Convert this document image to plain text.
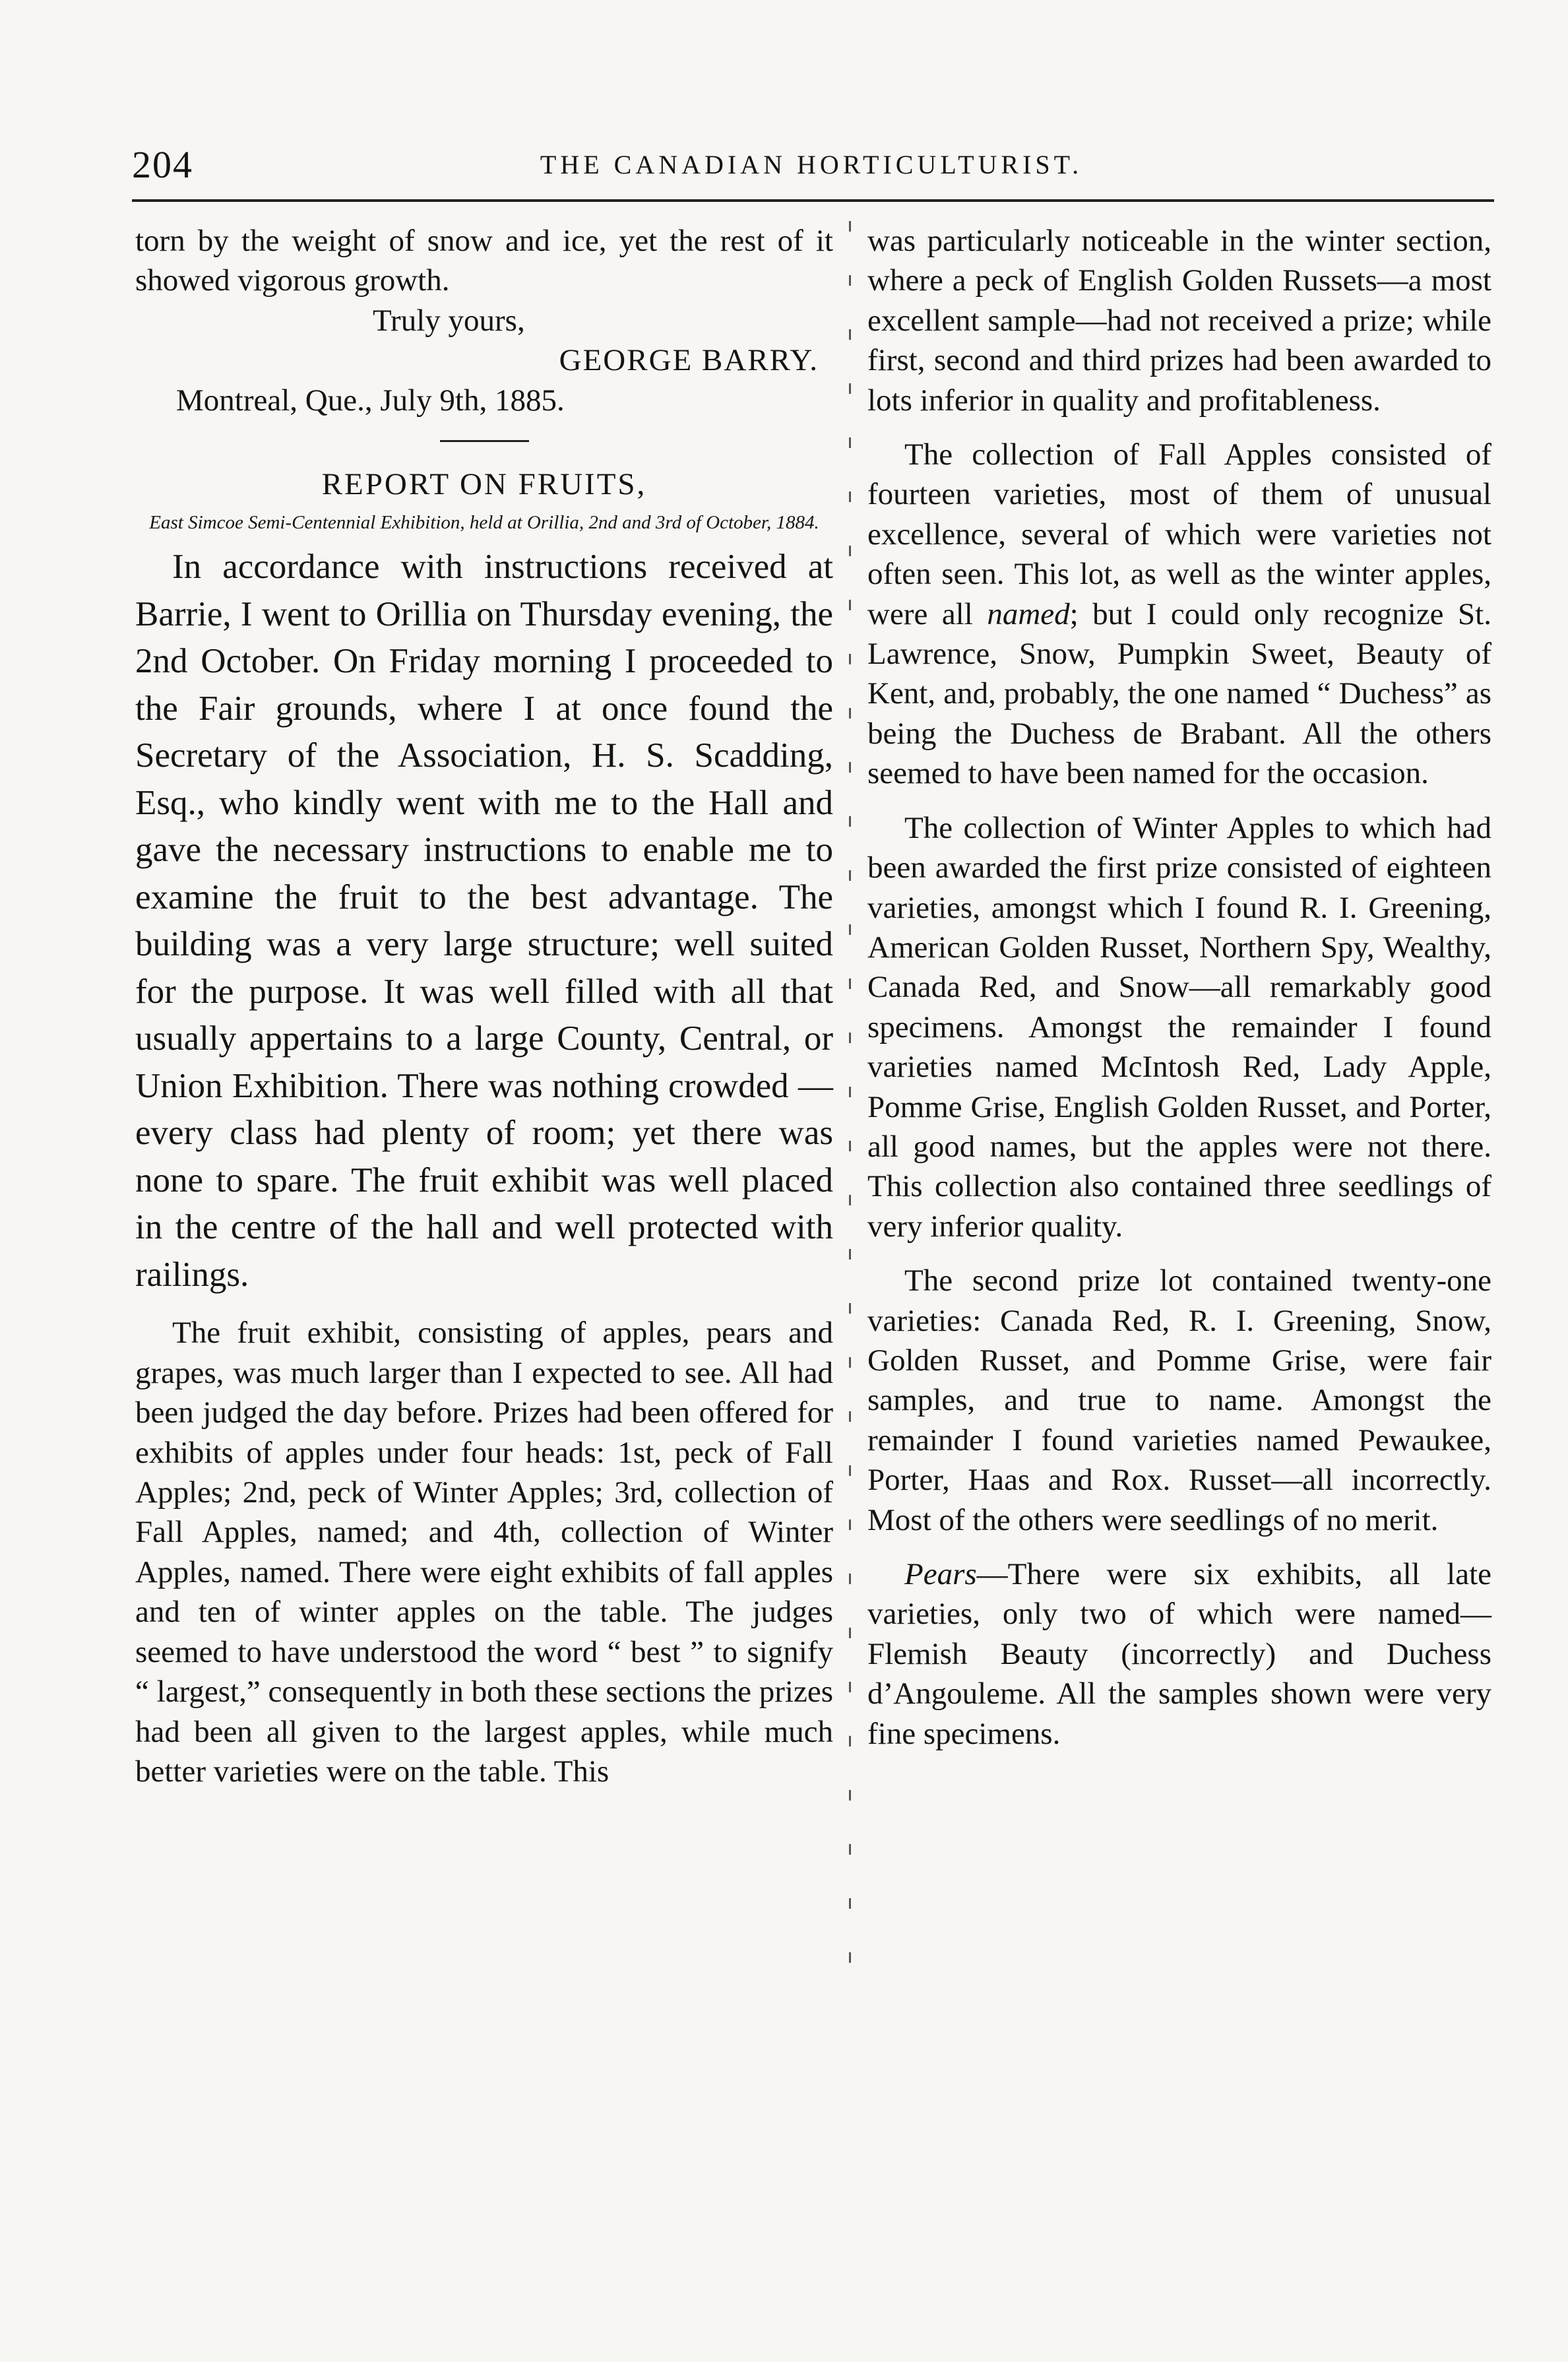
204	THE CANADIAN HORTICULTURIST.

torn by the weight of snow and ice, yet the rest of it showed vigorous growth.

Truly yours,

GEORGE BARRY.

Montreal, Que., July 9th, 1885.

REPORT ON FRUITS,

East Simcoe Semi-Centennial Exhibition, held at Orillia, 2nd and 3rd of October, 1884.

In accordance with instructions received at Barrie, I went to Orillia on Thursday evening, the 2nd October. On Friday morning I proceeded to the Fair grounds, where I at once found the Secretary of the Association, H. S. Scadding, Esq., who kindly went with me to the Hall and gave the necessary instructions to enable me to examine the fruit to the best advantage. The building was a very large structure; well suited for the purpose. It was well filled with all that usually appertains to a large County, Central, or Union Exhibition. There was nothing crowded — every class had plenty of room; yet there was none to spare. The fruit exhibit was well placed in the centre of the hall and well protected with railings.

The fruit exhibit, consisting of apples, pears and grapes, was much larger than I expected to see. All had been judged the day before. Prizes had been offered for exhibits of apples under four heads: 1st, peck of Fall Apples; 2nd, peck of Winter Apples; 3rd, collection of Fall Apples, named; and 4th, collection of Winter Apples, named. There were eight exhibits of fall apples and ten of winter apples on the table. The judges seemed to have understood the word “ best ” to signify “ largest,” consequently in both these sections the prizes had been all given to the largest apples, while much better varieties were on the table. This

was particularly noticeable in the winter section, where a peck of English Golden Russets—a most excellent sample—had not received a prize; while first, second and third prizes had been awarded to lots inferior in quality and profitableness.

The collection of Fall Apples consisted of fourteen varieties, most of them of unusual excellence, several of which were varieties not often seen. This lot, as well as the winter apples, were all named; but I could only recognize St. Lawrence, Snow, Pumpkin Sweet, Beauty of Kent, and, probably, the one named “ Duchess” as being the Duchess de Brabant. All the others seemed to have been named for the occasion.

The collection of Winter Apples to which had been awarded the first prize consisted of eighteen varieties, amongst which I found R. I. Greening, American Golden Russet, Northern Spy, Wealthy, Canada Red, and Snow—all remarkably good specimens. Amongst the remainder I found varieties named McIntosh Red, Lady Apple, Pomme Grise, English Golden Russet, and Porter, all good names, but the apples were not there. This collection also contained three seedlings of very inferior quality.

The second prize lot contained twenty-one varieties: Canada Red, R. I. Greening, Snow, Golden Russet, and Pomme Grise, were fair samples, and true to name. Amongst the remainder I found varieties named Pewaukee, Porter, Haas and Rox. Russet—all incorrectly. Most of the others were seedlings of no merit.

Pears—There were six exhibits, all late varieties, only two of which were named—Flemish Beauty (incorrectly) and Duchess d’Angouleme. All the samples shown were very fine specimens.
